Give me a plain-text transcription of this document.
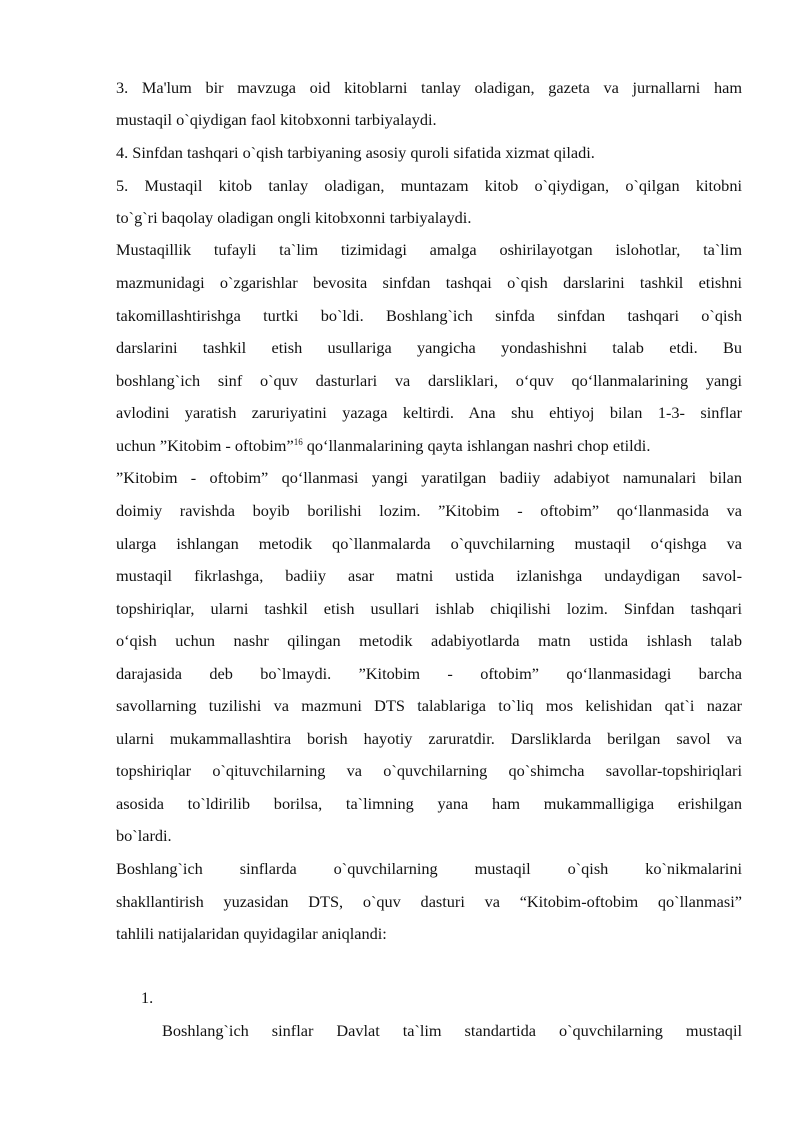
3. Ma'lum bir mavzuga oid kitoblarni tanlay oladigan, gazeta va jurnallarni ham
mustaqil o`qiydigan faol kitobxonni tarbiyalaydi.
4. Sinfdan tashqari o`qish tarbiyaning asosiy quroli sifatida xizmat qiladi.
5. Mustaqil kitob tanlay oladigan, muntazam kitob o`qiydigan, o`qilgan kitobni
to`g`ri baqolay oladigan ongli kitobxonni tarbiyalaydi.
Mustaqillik tufayli ta`lim tizimidagi amalga oshirilayotgan islohotlar, ta`lim
mazmunidagi o`zgarishlar bevosita sinfdan tashqai o`qish darslarini tashkil etishni
takomillashtirishga turtki bo`ldi. Boshlang`ich sinfda sinfdan tashqari o`qish
darslarini tashkil etish usullariga yangicha yondashishni talab etdi. Bu
boshlang`ich sinf o`quv dasturlari va darsliklari, o‘quv qo‘llanmalarining yangi
avlodini yaratish zaruriyatini yazaga keltirdi. Ana shu ehtiyoj bilan 1-3- sinflar
uchun ”Kitobim - oftobim”$^{16}$ qo‘llanmalarining qayta ishlangan nashri chop etildi.
”Kitobim - oftobim” qo‘llanmasi yangi yaratilgan badiiy adabiyot namunalari bilan
doimiy ravishda boyib borilishi lozim. ”Kitobim - oftobim” qo‘llanmasida va
ularga ishlangan metodik qo`llanmalarda o`quvchilarning mustaqil o‘qishga va
mustaqil fikrlashga, badiiy asar matni ustida izlanishga undaydigan savol-
topshiriqlar, ularni tashkil etish usullari ishlab chiqilishi lozim. Sinfdan tashqari
o‘qish uchun nashr qilingan metodik adabiyotlarda matn ustida ishlash talab
darajasida deb bo`lmaydi. ”Kitobim - oftobim” qo‘llanmasidagi barcha
savollarning tuzilishi va mazmuni DTS talablariga to`liq mos kelishidan qat`i nazar
ularni mukammallashtira borish hayotiy zaruratdir. Darsliklarda berilgan savol va
topshiriqlar o`qituvchilarning va o`quvchilarning qo`shimcha savollar-topshiriqlari
asosida to`ldirilib borilsa, ta`limning yana ham mukammalligiga erishilgan
bo`lardi.
Boshlang`ich sinflarda o`quvchilarning mustaqil o`qish ko`nikmalarini
shakllantirish yuzasidan DTS, o`quv dasturi va “Kitobim-oftobim qo`llanmasi”
tahlili natijalaridan quyidagilar aniqlandi:
1.
Boshlang`ich sinflar Davlat ta`lim standartida o`quvchilarning mustaqil
